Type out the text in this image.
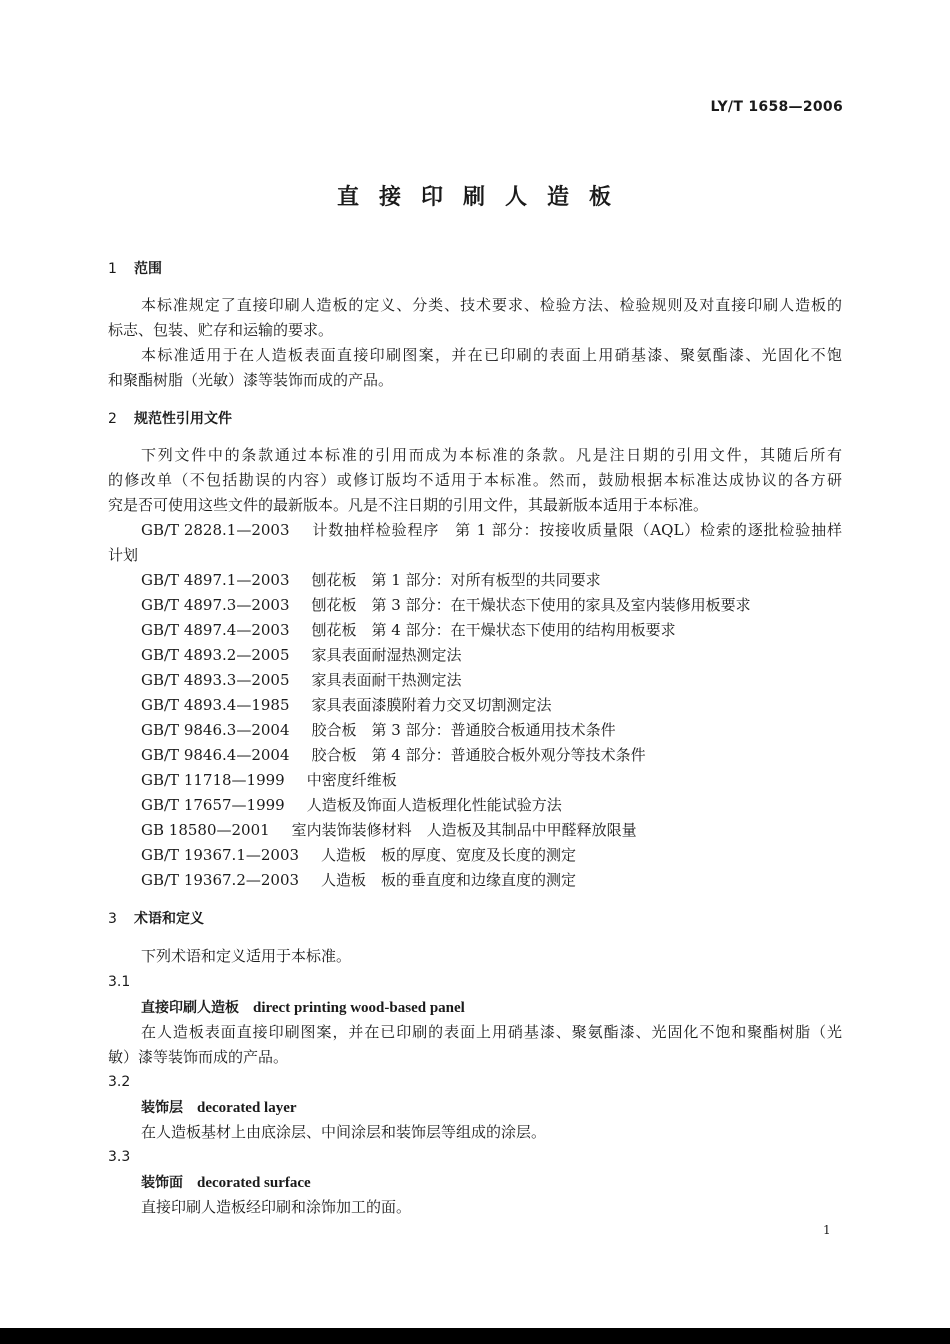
LY/T 1658—2006
直接印刷人造板
1 范围
本标准规定了直接印刷人造板的定义、分类、技术要求、检验方法、检验规则及对直接印刷人造板的
标志、包装、贮存和运输的要求。
本标准适用于在人造板表面直接印刷图案，并在已印刷的表面上用硝基漆、聚氨酯漆、光固化不饱
和聚酯树脂（光敏）漆等装饰而成的产品。
2 规范性引用文件
下列文件中的条款通过本标准的引用而成为本标准的条款。凡是注日期的引用文件，其随后所有
的修改单（不包括勘误的内容）或修订版均不适用于本标准。然而，鼓励根据本标准达成协议的各方研
究是否可使用这些文件的最新版本。凡是不注日期的引用文件，其最新版本适用于本标准。
GB/T 2828.1—2003 计数抽样检验程序　第 1 部分：按接收质量限（AQL）检索的逐批检验抽样
计划
GB/T 4897.1—2003 刨花板　第 1 部分：对所有板型的共同要求
GB/T 4897.3—2003 刨花板　第 3 部分：在干燥状态下使用的家具及室内装修用板要求
GB/T 4897.4—2003 刨花板　第 4 部分：在干燥状态下使用的结构用板要求
GB/T 4893.2—2005 家具表面耐湿热测定法
GB/T 4893.3—2005 家具表面耐干热测定法
GB/T 4893.4—1985 家具表面漆膜附着力交叉切割测定法
GB/T 9846.3—2004 胶合板　第 3 部分：普通胶合板通用技术条件
GB/T 9846.4—2004 胶合板　第 4 部分：普通胶合板外观分等技术条件
GB/T 11718—1999 中密度纤维板
GB/T 17657—1999 人造板及饰面人造板理化性能试验方法
GB 18580—2001 室内装饰装修材料　人造板及其制品中甲醛释放限量
GB/T 19367.1—2003 人造板　板的厚度、宽度及长度的测定
GB/T 19367.2—2003 人造板　板的垂直度和边缘直度的测定
3 术语和定义
下列术语和定义适用于本标准。
3.1
直接印刷人造板 direct printing wood-based panel
在人造板表面直接印刷图案，并在已印刷的表面上用硝基漆、聚氨酯漆、光固化不饱和聚酯树脂（光
敏）漆等装饰而成的产品。
3.2
装饰层 decorated layer
在人造板基材上由底涂层、中间涂层和装饰层等组成的涂层。
3.3
装饰面 decorated surface
直接印刷人造板经印刷和涂饰加工的面。
1
